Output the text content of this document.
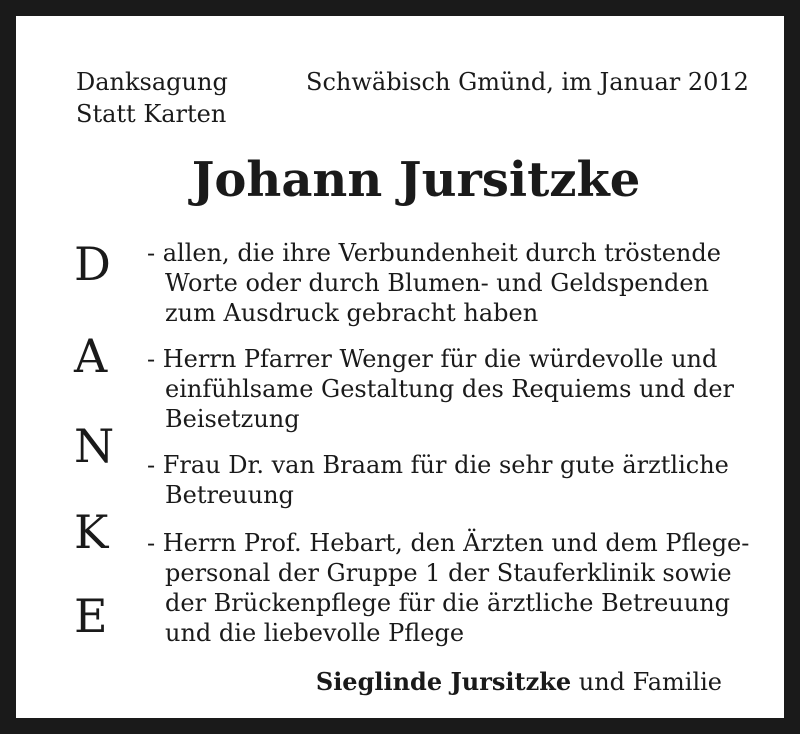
Danksagung
Statt Karten
Schwäbisch Gmünd, im Januar 2012
Johann Jursitzke
D
A
N
K
E
- allen, die ihre Verbundenheit durch tröstende
Worte oder durch Blumen- und Geldspenden
zum Ausdruck gebracht haben
- Herrn Pfarrer Wenger für die würdevolle und
einfühlsame Gestaltung des Requiems und der
Beisetzung
- Frau Dr. van Braam für die sehr gute ärztliche
Betreuung
- Herrn Prof. Hebart, den Ärzten und dem Pflege-
personal der Gruppe 1 der Stauferklinik sowie
der Brückenpflege für die ärztliche Betreuung
und die liebevolle Pflege
Sieglinde Jursitzke und Familie
